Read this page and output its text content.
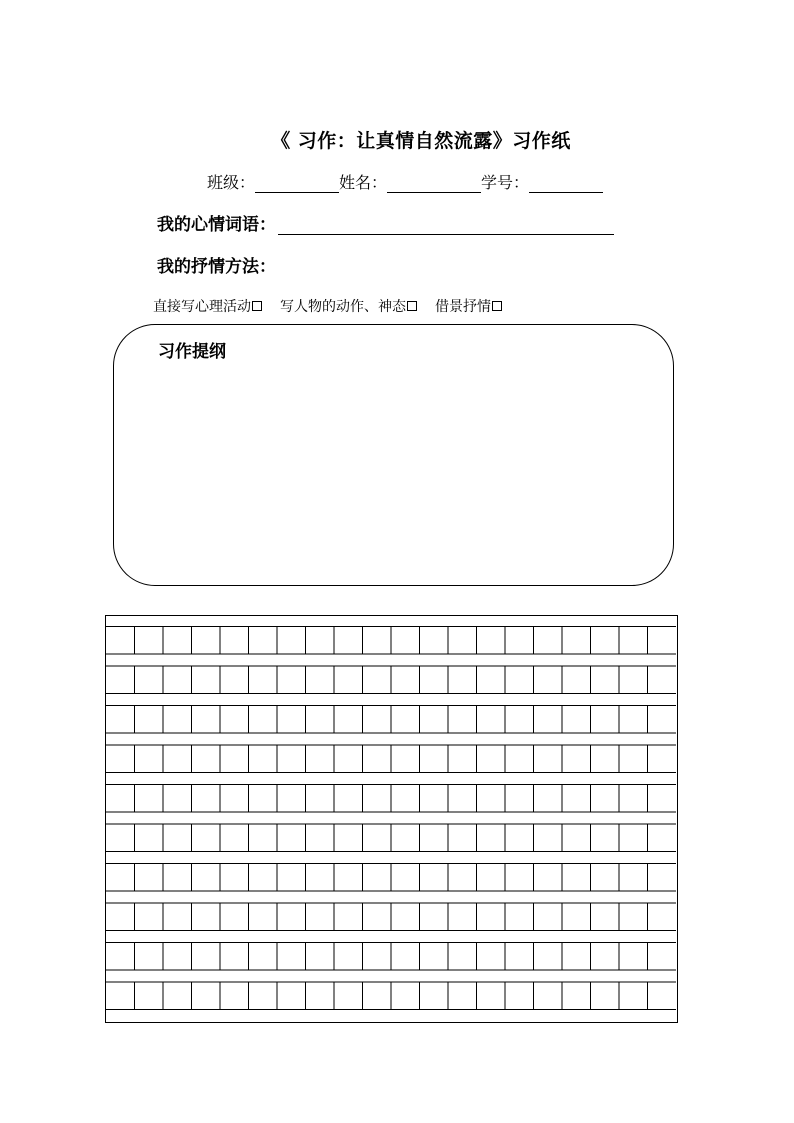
《 习作：让真情自然流露》习作纸
班级：	姓名：	学号：
我的心情词语：
我的抒情方法：
直接写心理活动 写人物的动作、神态 借景抒情
习作提纲
